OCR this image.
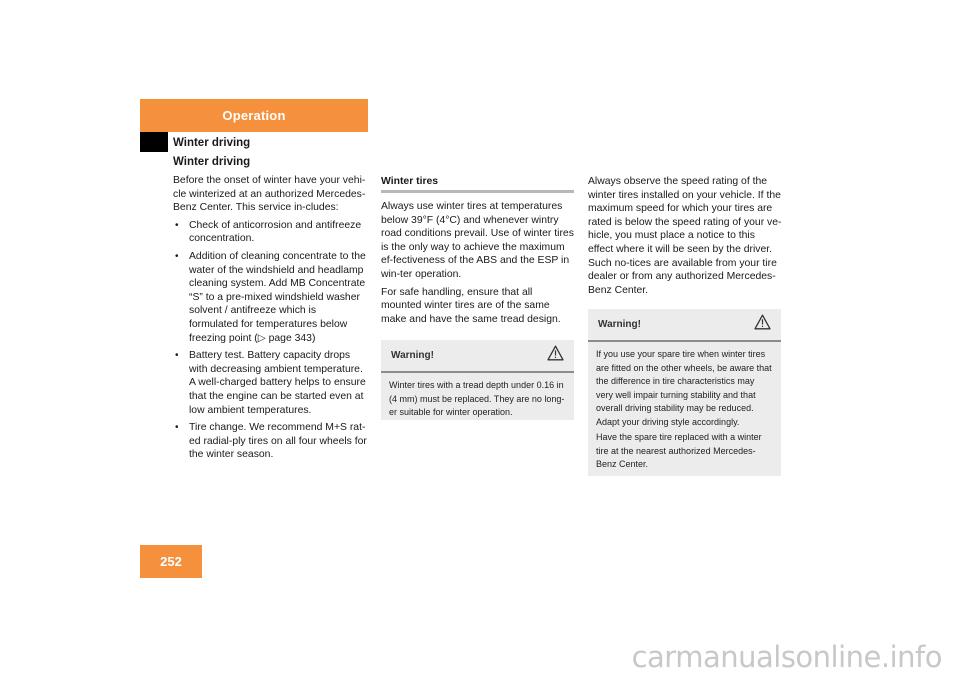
Operation
Winter driving
Winter driving

Before the onset of winter have your vehi-cle winterized at an authorized Mercedes-Benz Center. This service in-cludes:

• Check of anticorrosion and antifreeze concentration.
• Addition of cleaning concentrate to the water of the windshield and headlamp cleaning system. Add MB Concentrate “S” to a pre-mixed windshield washer solvent / antifreeze which is formulated for temperatures below freezing point (▷ page 343)
• Battery test. Battery capacity drops with decreasing ambient temperature. A well-charged battery helps to ensure that the engine can be started even at low ambient temperatures.
• Tire change. We recommend M+S rat-ed radial-ply tires on all four wheels for the winter season.
Winter tires

Always use winter tires at temperatures below 39°F (4°C) and whenever wintry road conditions prevail. Use of winter tires is the only way to achieve the maximum ef-fectiveness of the ABS and the ESP in win-ter operation.

For safe handling, ensure that all mounted winter tires are of the same make and have the same tread design.

Warning!

Winter tires with a tread depth under 0.16 in (4 mm) must be replaced. They are no long-er suitable for winter operation.

Always observe the speed rating of the winter tires installed on your vehicle. If the maximum speed for which your tires are rated is below the speed rating of your ve-hicle, you must place a notice to this effect where it will be seen by the driver. Such no-tices are available from your tire dealer or from any authorized Mercedes-Benz Center.

Warning!

If you use your spare tire when winter tires are fitted on the other wheels, be aware that the difference in tire characteristics may very well impair turning stability and that overall driving stability may be reduced. Adapt your driving style accordingly.

Have the spare tire replaced with a winter tire at the nearest authorized Mercedes-Benz Center.

252
carmanualsonline.info
